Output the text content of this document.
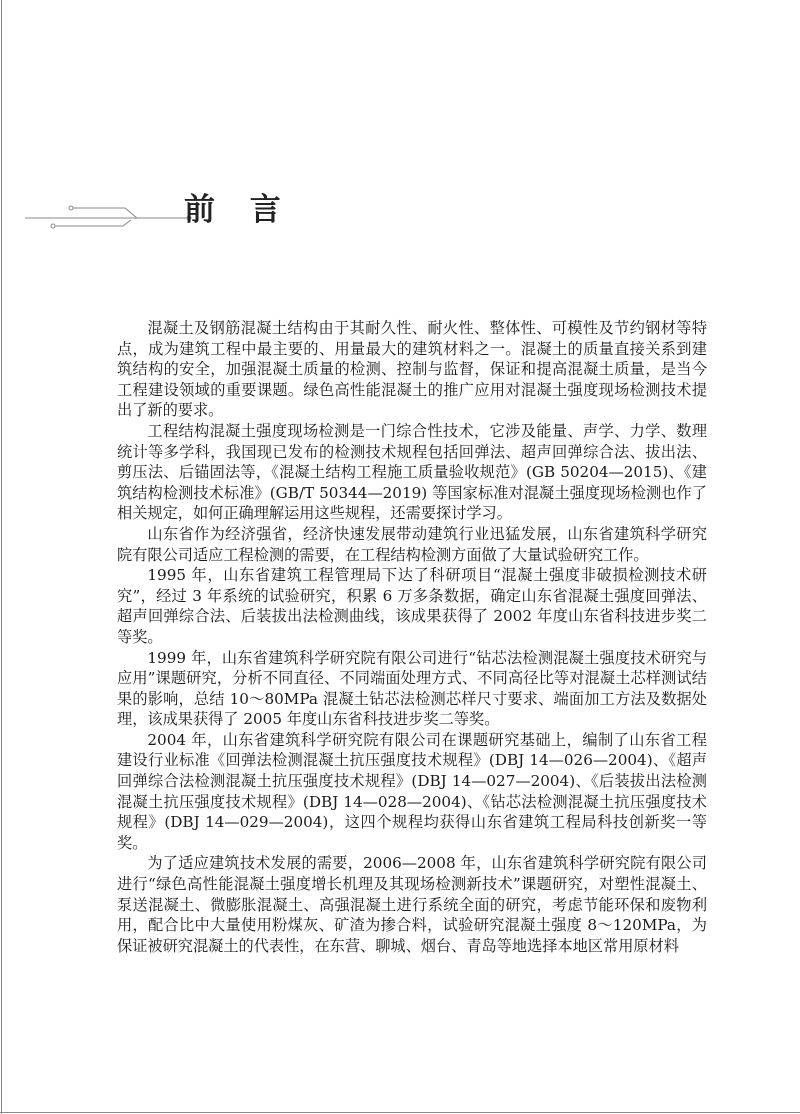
前 言

混凝土及钢筋混凝土结构由于其耐久性、耐火性、整体性、可模性及节约钢材等特点，成为建筑工程中最主要的、用量最大的建筑材料之一。混凝土的质量直接关系到建筑结构的安全，加强混凝土质量的检测、控制与监督，保证和提高混凝土质量，是当今工程建设领域的重要课题。绿色高性能混凝土的推广应用对混凝土强度现场检测技术提出了新的要求。

工程结构混凝土强度现场检测是一门综合性技术，它涉及能量、声学、力学、数理统计等多学科，我国现已发布的检测技术规程包括回弹法、超声回弹综合法、拔出法、剪压法、后锚固法等，《混凝土结构工程施工质量验收规范》(GB 50204—2015)、《建筑结构检测技术标准》(GB/T 50344—2019) 等国家标准对混凝土强度现场检测也作了相关规定，如何正确理解运用这些规程，还需要探讨学习。

山东省作为经济强省，经济快速发展带动建筑行业迅猛发展，山东省建筑科学研究院有限公司适应工程检测的需要，在工程结构检测方面做了大量试验研究工作。

1995 年，山东省建筑工程管理局下达了科研项目“混凝土强度非破损检测技术研究”，经过 3 年系统的试验研究，积累 6 万多条数据，确定山东省混凝土强度回弹法、超声回弹综合法、后装拔出法检测曲线，该成果获得了 2002 年度山东省科技进步奖二等奖。

1999 年，山东省建筑科学研究院有限公司进行“钻芯法检测混凝土强度技术研究与应用”课题研究，分析不同直径、不同端面处理方式、不同高径比等对混凝土芯样测试结果的影响，总结 10～80MPa 混凝土钻芯法检测芯样尺寸要求、端面加工方法及数据处理，该成果获得了 2005 年度山东省科技进步奖二等奖。

2004 年，山东省建筑科学研究院有限公司在课题研究基础上，编制了山东省工程建设行业标准《回弹法检测混凝土抗压强度技术规程》(DBJ 14—026—2004)、《超声回弹综合法检测混凝土抗压强度技术规程》(DBJ 14—027—2004)、《后装拔出法检测混凝土抗压强度技术规程》(DBJ 14—028—2004)、《钻芯法检测混凝土抗压强度技术规程》(DBJ 14—029—2004)，这四个规程均获得山东省建筑工程局科技创新奖一等奖。

为了适应建筑技术发展的需要，2006—2008 年，山东省建筑科学研究院有限公司进行“绿色高性能混凝土强度增长机理及其现场检测新技术”课题研究，对塑性混凝土、泵送混凝土、微膨胀混凝土、高强混凝土进行系统全面的研究，考虑节能环保和废物利用，配合比中大量使用粉煤灰、矿渣为掺合料，试验研究混凝土强度 8～120MPa，为保证被研究混凝土的代表性，在东营、聊城、烟台、青岛等地选择本地区常用原材料
